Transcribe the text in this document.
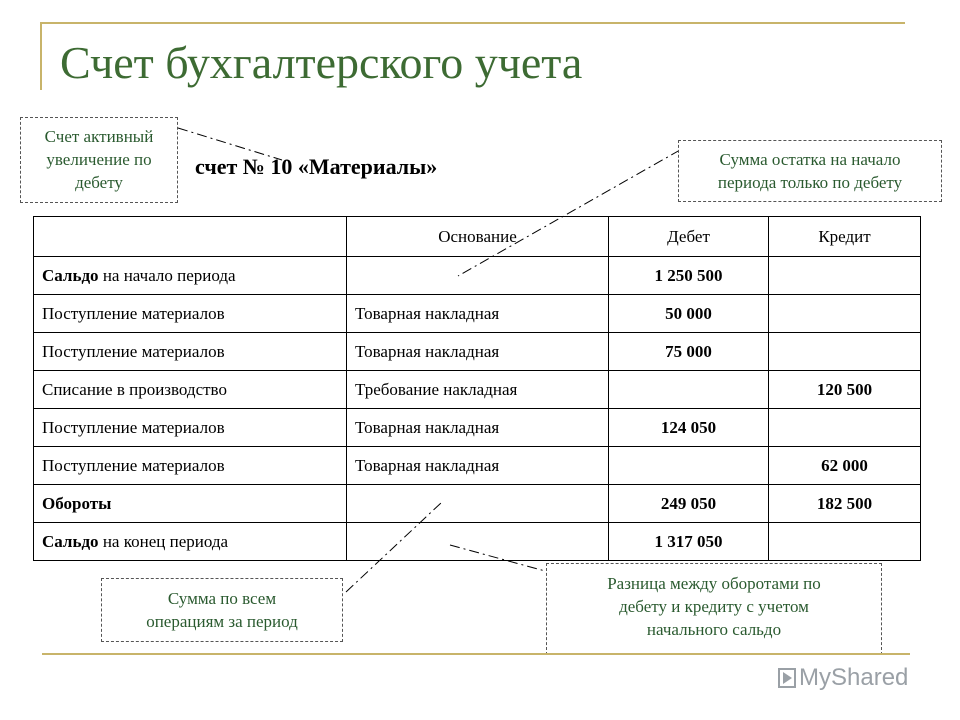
Счет бухгалтерского учета
счет № 10 «Материалы»
Счет активный
увеличение по
дебету
Сумма остатка на начало
периода только по дебету
Сумма по всем
операциям за период
Разница между оборотами по
дебету и кредиту с учетом
начального сальдо
	Основание	Дебет	Кредит
Сальдо на начало периода		1 250 500	
Поступление материалов	Товарная накладная	50 000	
Поступление материалов	Товарная накладная	75 000	
Списание в производство	Требование накладная		120 500
Поступление материалов	Товарная накладная	124 050	
Поступление материалов	Товарная накладная		62 000
Обороты		249 050	182 500
Сальдо на конец периода		1 317 050	
MyShared
